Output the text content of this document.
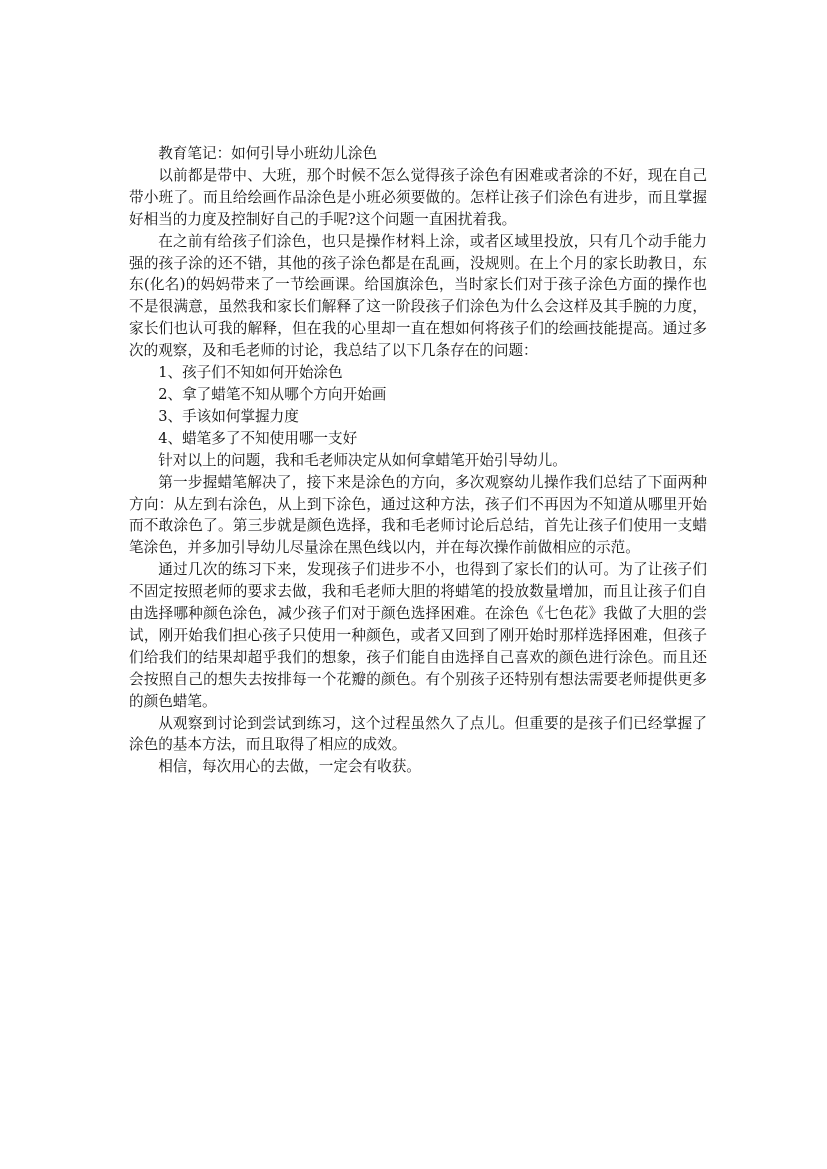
教育笔记：如何引导小班幼儿涂色

以前都是带中、大班，那个时候不怎么觉得孩子涂色有困难或者涂的不好，现在自己带小班了。而且给绘画作品涂色是小班必须要做的。怎样让孩子们涂色有进步，而且掌握好相当的力度及控制好自己的手呢?这个问题一直困扰着我。

在之前有给孩子们涂色，也只是操作材料上涂，或者区域里投放，只有几个动手能力强的孩子涂的还不错，其他的孩子涂色都是在乱画，没规则。在上个月的家长助教日，东东(化名)的妈妈带来了一节绘画课。给国旗涂色，当时家长们对于孩子涂色方面的操作也不是很满意，虽然我和家长们解释了这一阶段孩子们涂色为什么会这样及其手腕的力度，家长们也认可我的解释，但在我的心里却一直在想如何将孩子们的绘画技能提高。通过多次的观察，及和毛老师的讨论，我总结了以下几条存在的问题：

1、孩子们不知如何开始涂色

2、拿了蜡笔不知从哪个方向开始画

3、手该如何掌握力度

4、蜡笔多了不知使用哪一支好

针对以上的问题，我和毛老师决定从如何拿蜡笔开始引导幼儿。

第一步握蜡笔解决了，接下来是涂色的方向，多次观察幼儿操作我们总结了下面两种方向：从左到右涂色，从上到下涂色，通过这种方法，孩子们不再因为不知道从哪里开始而不敢涂色了。第三步就是颜色选择，我和毛老师讨论后总结，首先让孩子们使用一支蜡笔涂色，并多加引导幼儿尽量涂在黑色线以内，并在每次操作前做相应的示范。

通过几次的练习下来，发现孩子们进步不小，也得到了家长们的认可。为了让孩子们不固定按照老师的要求去做，我和毛老师大胆的将蜡笔的投放数量增加，而且让孩子们自由选择哪种颜色涂色，减少孩子们对于颜色选择困难。在涂色《七色花》我做了大胆的尝试，刚开始我们担心孩子只使用一种颜色，或者又回到了刚开始时那样选择困难，但孩子们给我们的结果却超乎我们的想象，孩子们能自由选择自己喜欢的颜色进行涂色。而且还会按照自己的想失去按排每一个花瓣的颜色。有个别孩子还特别有想法需要老师提供更多的颜色蜡笔。

从观察到讨论到尝试到练习，这个过程虽然久了点儿。但重要的是孩子们已经掌握了涂色的基本方法，而且取得了相应的成效。

相信，每次用心的去做，一定会有收获。
